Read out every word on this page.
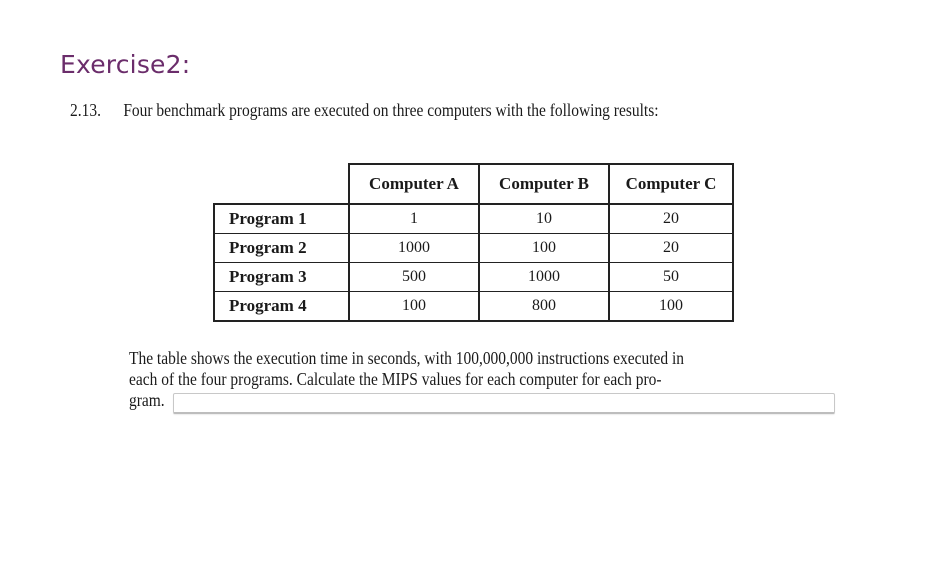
Exercise2:
2.13. Four benchmark programs are executed on three computers with the following results:
	Computer A	Computer B	Computer C
Program 1	1	10	20
Program 2	1000	100	20
Program 3	500	1000	50
Program 4	100	800	100
The table shows the execution time in seconds, with 100,000,000 instructions executed in
each of the four programs. Calculate the MIPS values for each computer for each pro-
gram.
